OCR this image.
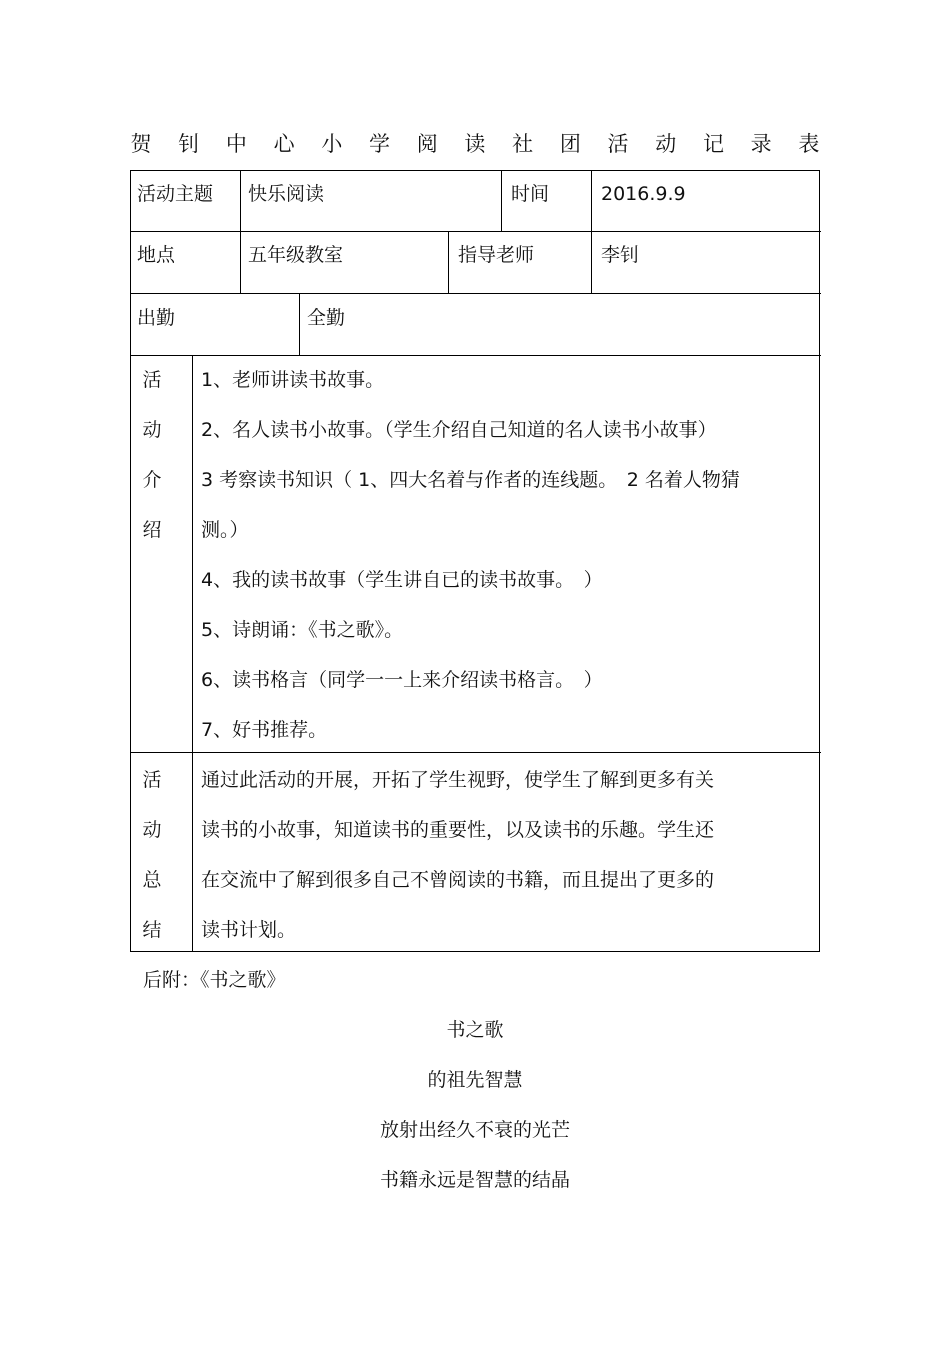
贺 钊 中 心 小 学 阅 读 社 团 活 动 记 录 表
活动主题 快乐阅读	时间	2016.9.9
地点	五年级教室	指导老师	李钊
出勤	全勤
活
动
介
绍
1、老师讲读书故事。
2、名人读书小故事。（学生介绍自己知道的名人读书小故事）
3 考察读书知识（ 1、四大名着与作者的连线题。　2 名着人物猜
测。）
4、我的读书故事（学生讲自已的读书故事。　）
5、诗朗诵：《书之歌》。
6、读书格言（同学一一上来介绍读书格言。　）
7、好书推荐。
活
动
总
结
通过此活动的开展，开拓了学生视野，使学生了解到更多有关
读书的小故事，知道读书的重要性，以及读书的乐趣。学生还
在交流中了解到很多自己不曾阅读的书籍，而且提出了更多的
读书计划。
后附：《书之歌》
书之歌
的祖先智慧
放射出经久不衰的光芒
书籍永远是智慧的结晶
